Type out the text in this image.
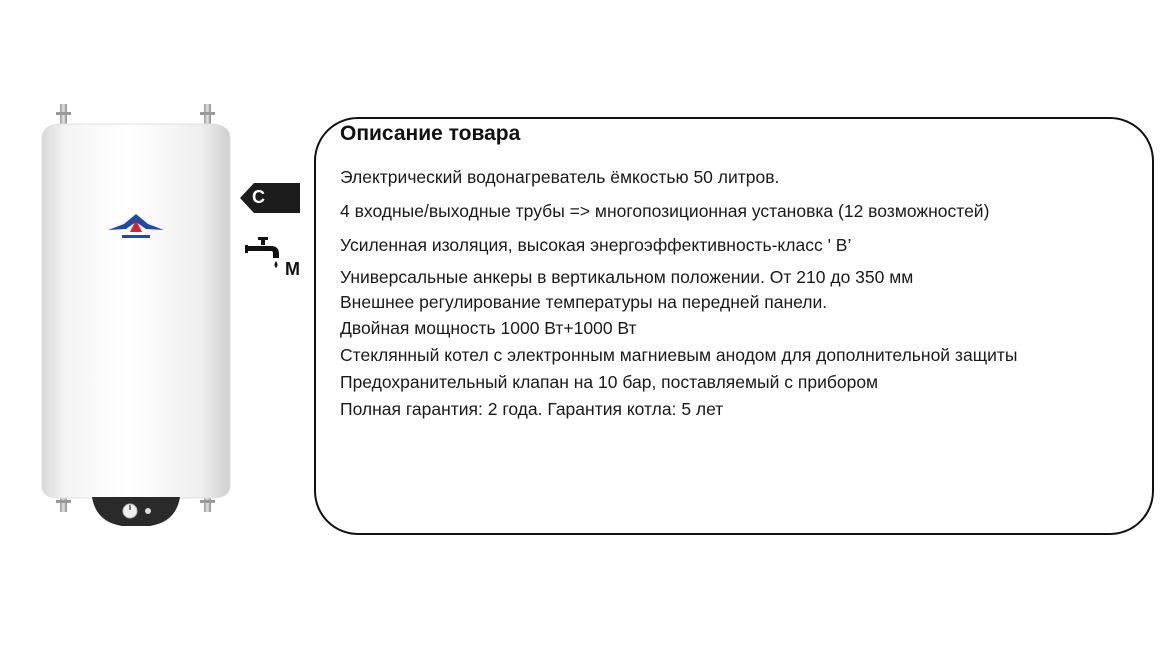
C
M
Описание товара
Электрический водонагреватель ёмкостью 50 литров.
4 входные/выходные трубы => многопозиционная установка (12 возможностей)
Усиленная изоляция, высокая энергоэффективность-класс ' B’
Универсальные анкеры в вертикальном положении. От 210 до 350 мм
Внешнее регулирование температуры на передней панели.
Двойная мощность 1000 Вт+1000 Вт
Стеклянный котел с электронным магниевым анодом для дополнительной защиты
Предохранительный клапан на 10 бар, поставляемый с прибором
Полная гарантия: 2 года. Гарантия котла: 5 лет
